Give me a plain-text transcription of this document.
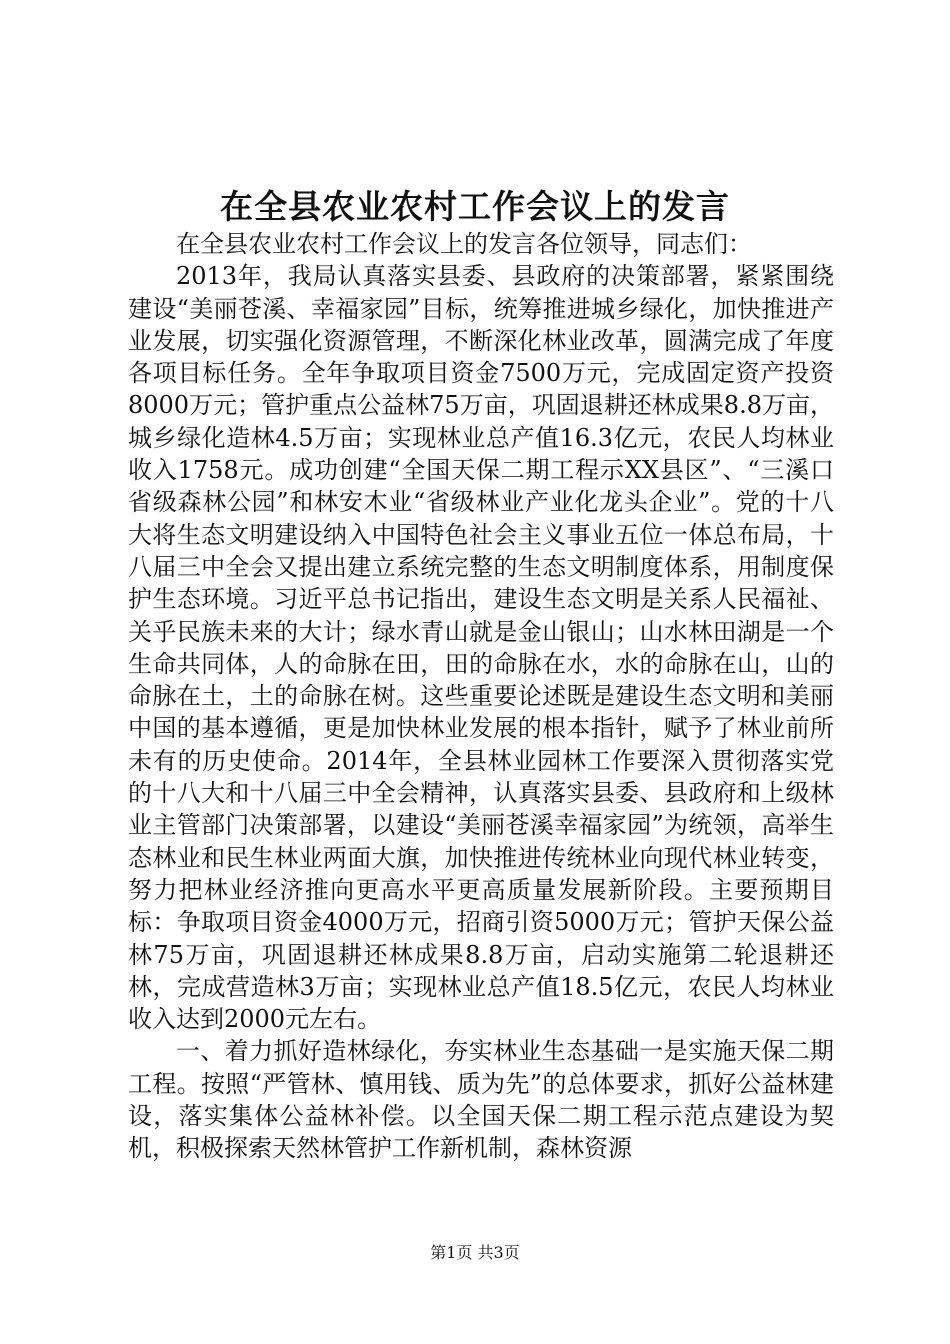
在全县农业农村工作会议上的发言

在全县农业农村工作会议上的发言各位领导，同志们：

2013年，我局认真落实县委、县政府的决策部署，紧紧围绕建设“美丽苍溪、幸福家园”目标，统筹推进城乡绿化，加快推进产业发展，切实强化资源管理，不断深化林业改革，圆满完成了年度各项目标任务。全年争取项目资金7500万元，完成固定资产投资8000万元；管护重点公益林75万亩，巩固退耕还林成果8.8万亩，城乡绿化造林4.5万亩；实现林业总产值16.3亿元，农民人均林业收入1758元。成功创建“全国天保二期工程示XX县区”、“三溪口省级森林公园”和林安木业“省级林业产业化龙头企业”。党的十八大将生态文明建设纳入中国特色社会主义事业五位一体总布局，十八届三中全会又提出建立系统完整的生态文明制度体系，用制度保护生态环境。习近平总书记指出，建设生态文明是关系人民福祉、关乎民族未来的大计；绿水青山就是金山银山；山水林田湖是一个生命共同体，人的命脉在田，田的命脉在水，水的命脉在山，山的命脉在土，土的命脉在树。这些重要论述既是建设生态文明和美丽中国的基本遵循，更是加快林业发展的根本指针，赋予了林业前所未有的历史使命。2014年，全县林业园林工作要深入贯彻落实党的十八大和十八届三中全会精神，认真落实县委、县政府和上级林业主管部门决策部署，以建设“美丽苍溪幸福家园”为统领，高举生态林业和民生林业两面大旗，加快推进传统林业向现代林业转变，努力把林业经济推向更高水平更高质量发展新阶段。主要预期目标：争取项目资金4000万元，招商引资5000万元；管护天保公益林75万亩，巩固退耕还林成果8.8万亩，启动实施第二轮退耕还林，完成营造林3万亩；实现林业总产值18.5亿元，农民人均林业收入达到2000元左右。

一、着力抓好造林绿化，夯实林业生态基础一是实施天保二期工程。按照“严管林、慎用钱、质为先”的总体要求，抓好公益林建设，落实集体公益林补偿。以全国天保二期工程示范点建设为契机，积极探索天然林管护工作新机制，森林资源

第1页 共3页
